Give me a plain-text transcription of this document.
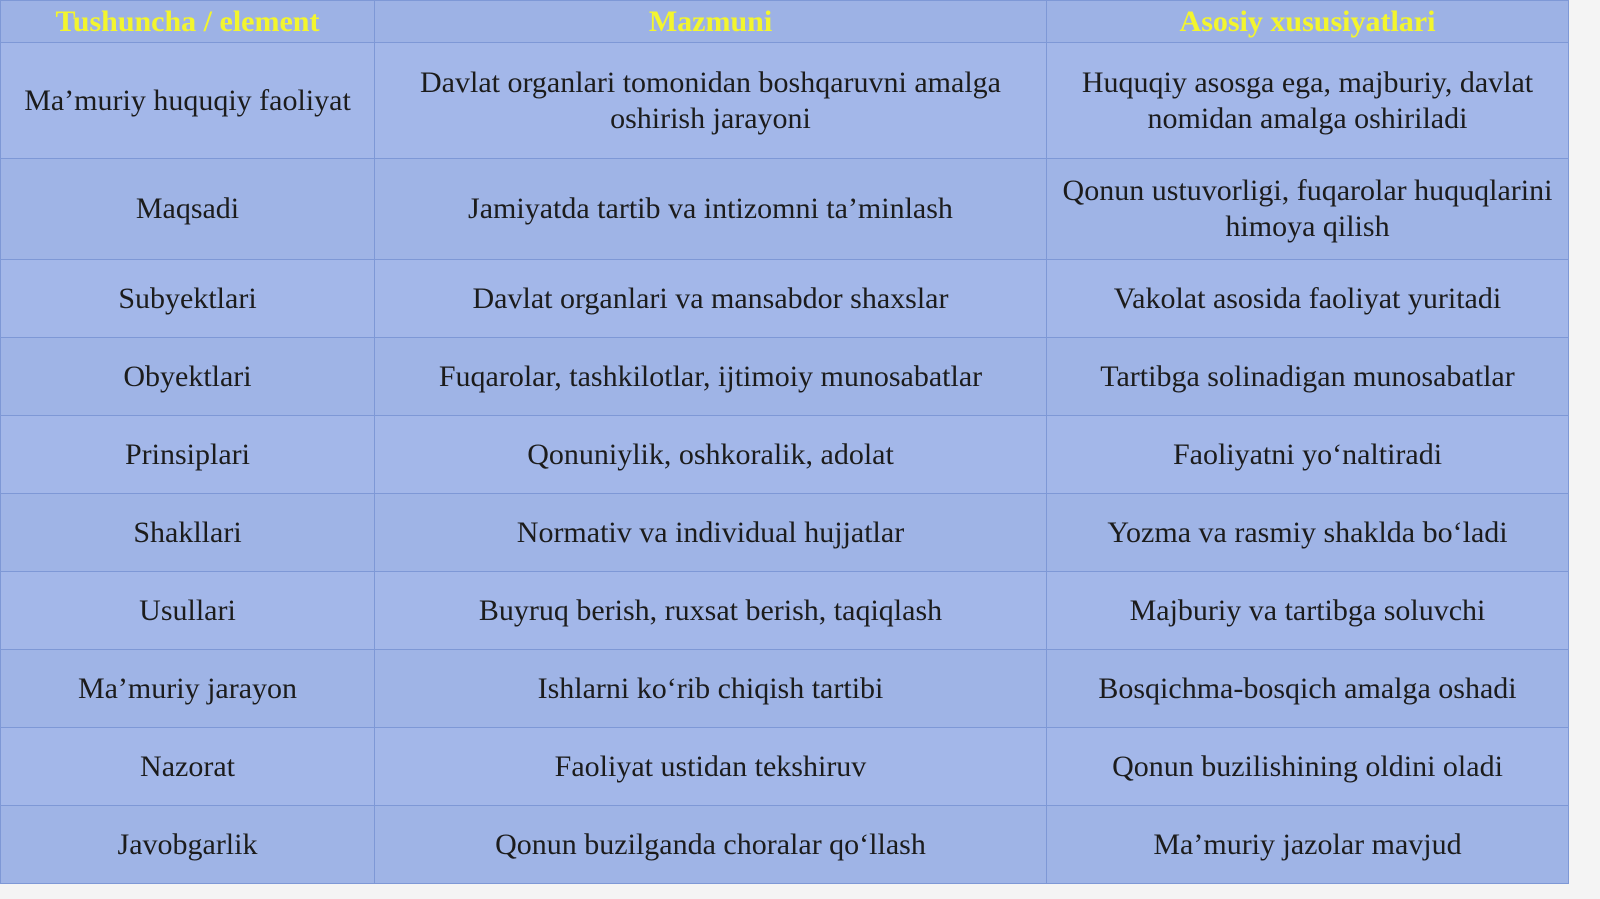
Tushuncha / element	Mazmuni	Asosiy xususiyatlari
Ma’muriy huquqiy faoliyat	Davlat organlari tomonidan boshqaruvni amalga oshirish jarayoni	Huquqiy asosga ega, majburiy, davlat nomidan amalga oshiriladi
Maqsadi	Jamiyatda tartib va intizomni ta’minlash	Qonun ustuvorligi, fuqarolar huquqlarini himoya qilish
Subyektlari	Davlat organlari va mansabdor shaxslar	Vakolat asosida faoliyat yuritadi
Obyektlari	Fuqarolar, tashkilotlar, ijtimoiy munosabatlar	Tartibga solinadigan munosabatlar
Prinsiplari	Qonuniylik, oshkoralik, adolat	Faoliyatni yo‘naltiradi
Shakllari	Normativ va individual hujjatlar	Yozma va rasmiy shaklda bo‘ladi
Usullari	Buyruq berish, ruxsat berish, taqiqlash	Majburiy va tartibga soluvchi
Ma’muriy jarayon	Ishlarni ko‘rib chiqish tartibi	Bosqichma-bosqich amalga oshadi
Nazorat	Faoliyat ustidan tekshiruv	Qonun buzilishining oldini oladi
Javobgarlik	Qonun buzilganda choralar qo‘llash	Ma’muriy jazolar mavjud
